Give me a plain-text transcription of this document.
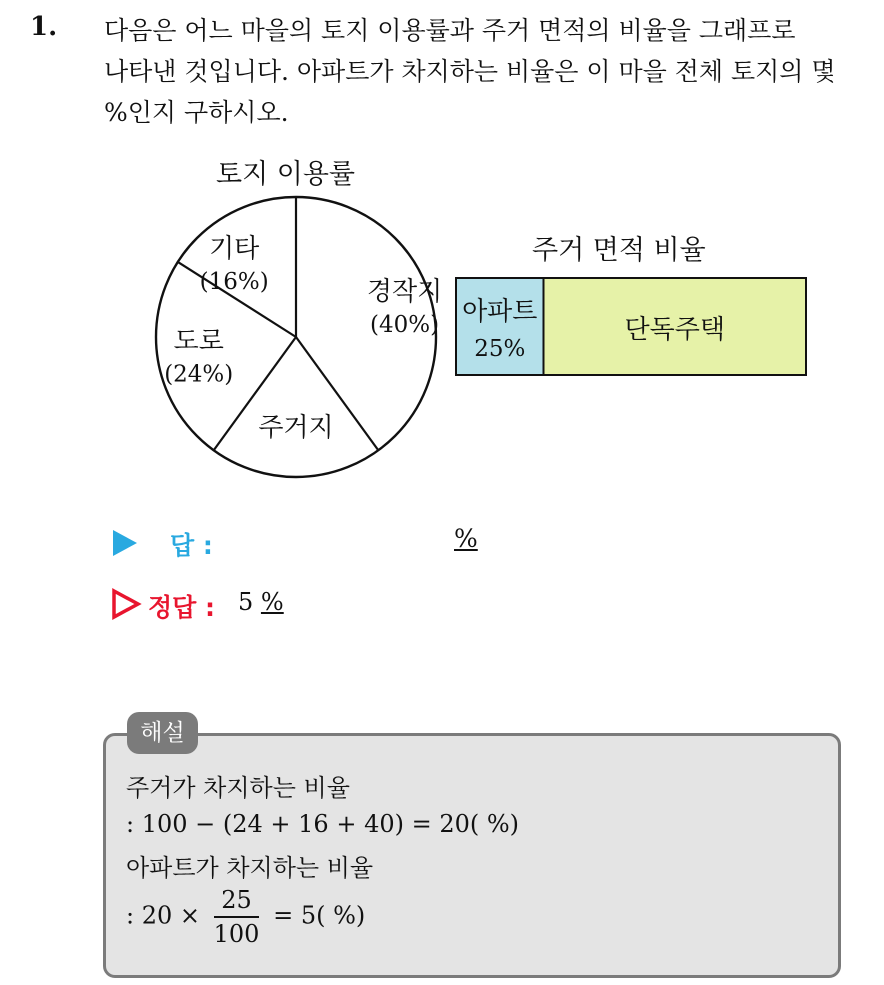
1. 다음은 어느 마을의 토지 이용률과 주거 면적의 비율을 그래프로
나타낸 것입니다. 아파트가 차지하는 비율은 이 마을 전체 토지의 몇
%인지 구하시오.
토지 이용률
주거 면적 비율
경작지
(40%)
주거지
도로
(24%)
기타
(16%)
아파트
25%
단독주택
답 :	%
정답 : 5 %
해설
주거가 차지하는 비율
: 100 − (24 + 16 + 40) = 20( %)
아파트가 차지하는 비율
: $20 \times \frac{25}{100} = 5$( %)
